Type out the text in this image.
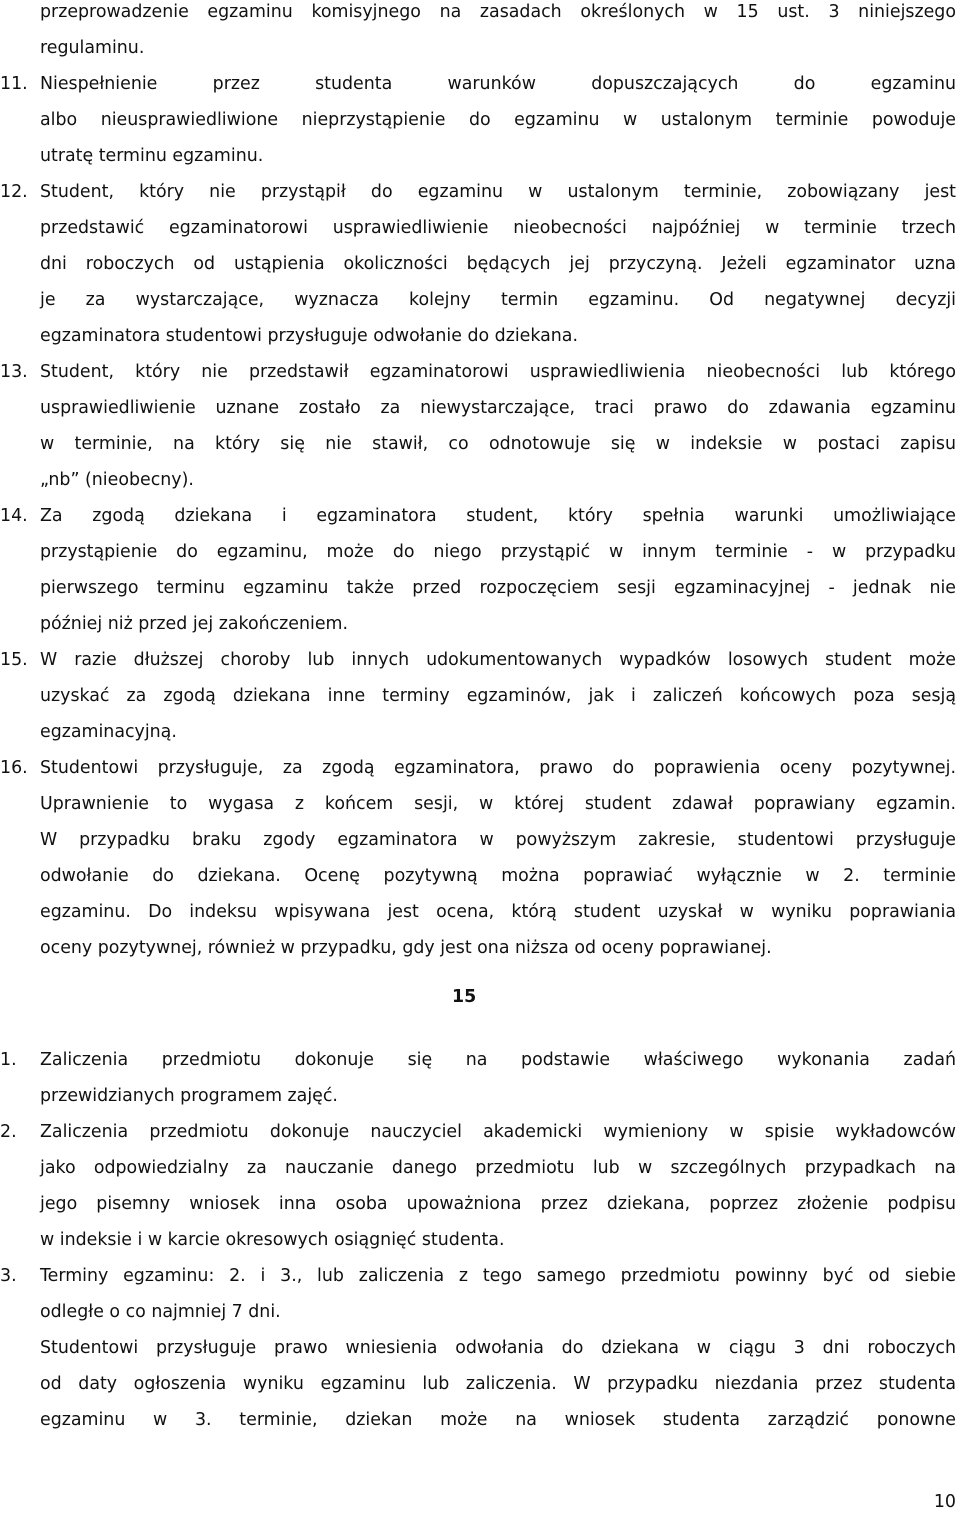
przeprowadzenie egzaminu komisyjnego na zasadach określonych w 15 ust. 3 niniejszego
regulaminu.
11. Niespełnienie przez studenta warunków dopuszczających do egzaminu
albo nieusprawiedliwione nieprzystąpienie do egzaminu w ustalonym terminie powoduje
utratę terminu egzaminu.
12. Student, który nie przystąpił do egzaminu w ustalonym terminie, zobowiązany jest
przedstawić egzaminatorowi usprawiedliwienie nieobecności najpóźniej w terminie trzech
dni roboczych od ustąpienia okoliczności będących jej przyczyną. Jeżeli egzaminator uzna
je za wystarczające, wyznacza kolejny termin egzaminu. Od negatywnej decyzji
egzaminatora studentowi przysługuje odwołanie do dziekana.
13. Student, który nie przedstawił egzaminatorowi usprawiedliwienia nieobecności lub którego
usprawiedliwienie uznane zostało za niewystarczające, traci prawo do zdawania egzaminu
w terminie, na który się nie stawił, co odnotowuje się w indeksie w postaci zapisu
„nb” (nieobecny).
14. Za zgodą dziekana i egzaminatora student, który spełnia warunki umożliwiające
przystąpienie do egzaminu, może do niego przystąpić w innym terminie - w przypadku
pierwszego terminu egzaminu także przed rozpoczęciem sesji egzaminacyjnej - jednak nie
później niż przed jej zakończeniem.
15. W razie dłuższej choroby lub innych udokumentowanych wypadków losowych student może
uzyskać za zgodą dziekana inne terminy egzaminów, jak i zaliczeń końcowych poza sesją
egzaminacyjną.
16. Studentowi przysługuje, za zgodą egzaminatora, prawo do poprawienia oceny pozytywnej.
Uprawnienie to wygasa z końcem sesji, w której student zdawał poprawiany egzamin.
W przypadku braku zgody egzaminatora w powyższym zakresie, studentowi przysługuje
odwołanie do dziekana. Ocenę pozytywną można poprawiać wyłącznie w 2. terminie
egzaminu. Do indeksu wpisywana jest ocena, którą student uzyskał w wyniku poprawiania
oceny pozytywnej, również w przypadku, gdy jest ona niższa od oceny poprawianej.
15
1. Zaliczenia przedmiotu dokonuje się na podstawie właściwego wykonania zadań
przewidzianych programem zajęć.
2. Zaliczenia przedmiotu dokonuje nauczyciel akademicki wymieniony w spisie wykładowców
jako odpowiedzialny za nauczanie danego przedmiotu lub w szczególnych przypadkach na
jego pisemny wniosek inna osoba upoważniona przez dziekana, poprzez złożenie podpisu
w indeksie i w karcie okresowych osiągnięć studenta.
3. Terminy egzaminu: 2. i 3., lub zaliczenia z tego samego przedmiotu powinny być od siebie
odległe o co najmniej 7 dni.
Studentowi przysługuje prawo wniesienia odwołania do dziekana w ciągu 3 dni roboczych
od daty ogłoszenia wyniku egzaminu lub zaliczenia. W przypadku niezdania przez studenta
egzaminu w 3. terminie, dziekan może na wniosek studenta zarządzić ponowne
10
